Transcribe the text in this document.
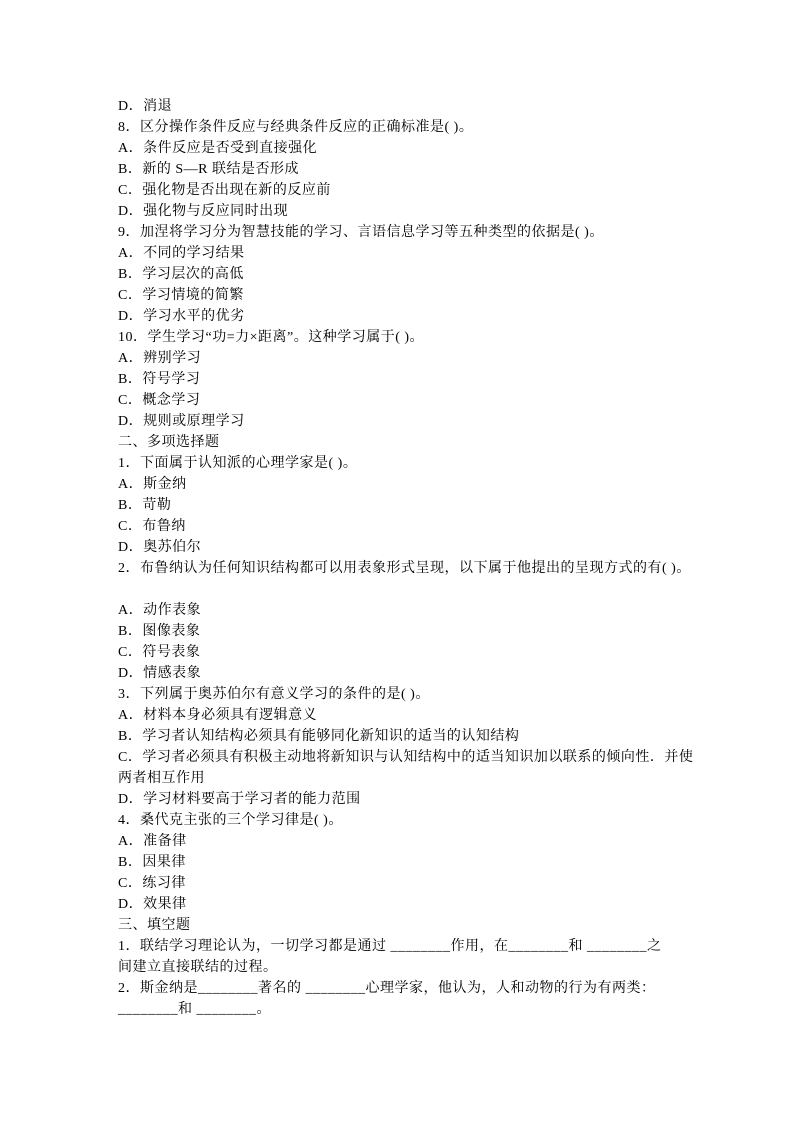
D．消退
8．区分操作条件反应与经典条件反应的正确标准是( )。
A．条件反应是否受到直接强化
B．新的 S—R 联结是否形成
C．强化物是否出现在新的反应前
D．强化物与反应同时出现
9．加涅将学习分为智慧技能的学习、言语信息学习等五种类型的依据是( )。
A．不同的学习结果
B．学习层次的高低
C．学习情境的简繁
D．学习水平的优劣
10．学生学习“功=力×距离”。这种学习属于( )。
A．辨别学习
B．符号学习
C．概念学习
D．规则或原理学习
二、多项选择题
1．下面属于认知派的心理学家是( )。
A．斯金纳
B．苛勒
C．布鲁纳
D．奥苏伯尔
2．布鲁纳认为任何知识结构都可以用表象形式呈现，以下属于他提出的呈现方式的有( )。
A．动作表象
B．图像表象
C．符号表象
D．情感表象
3．下列属于奥苏伯尔有意义学习的条件的是( )。
A．材料本身必须具有逻辑意义
B．学习者认知结构必须具有能够同化新知识的适当的认知结构
C．学习者必须具有积极主动地将新知识与认知结构中的适当知识加以联系的倾向性．并使
两者相互作用
D．学习材料要高于学习者的能力范围
4．桑代克主张的三个学习律是( )。
A．准备律
B．因果律
C．练习律
D．效果律
三、填空题
1．联结学习理论认为，一切学习都是通过 ________作用，在________和 ________之
间建立直接联结的过程。
2．斯金纳是________著名的 ________心理学家，他认为，人和动物的行为有两类：
________和 ________。
